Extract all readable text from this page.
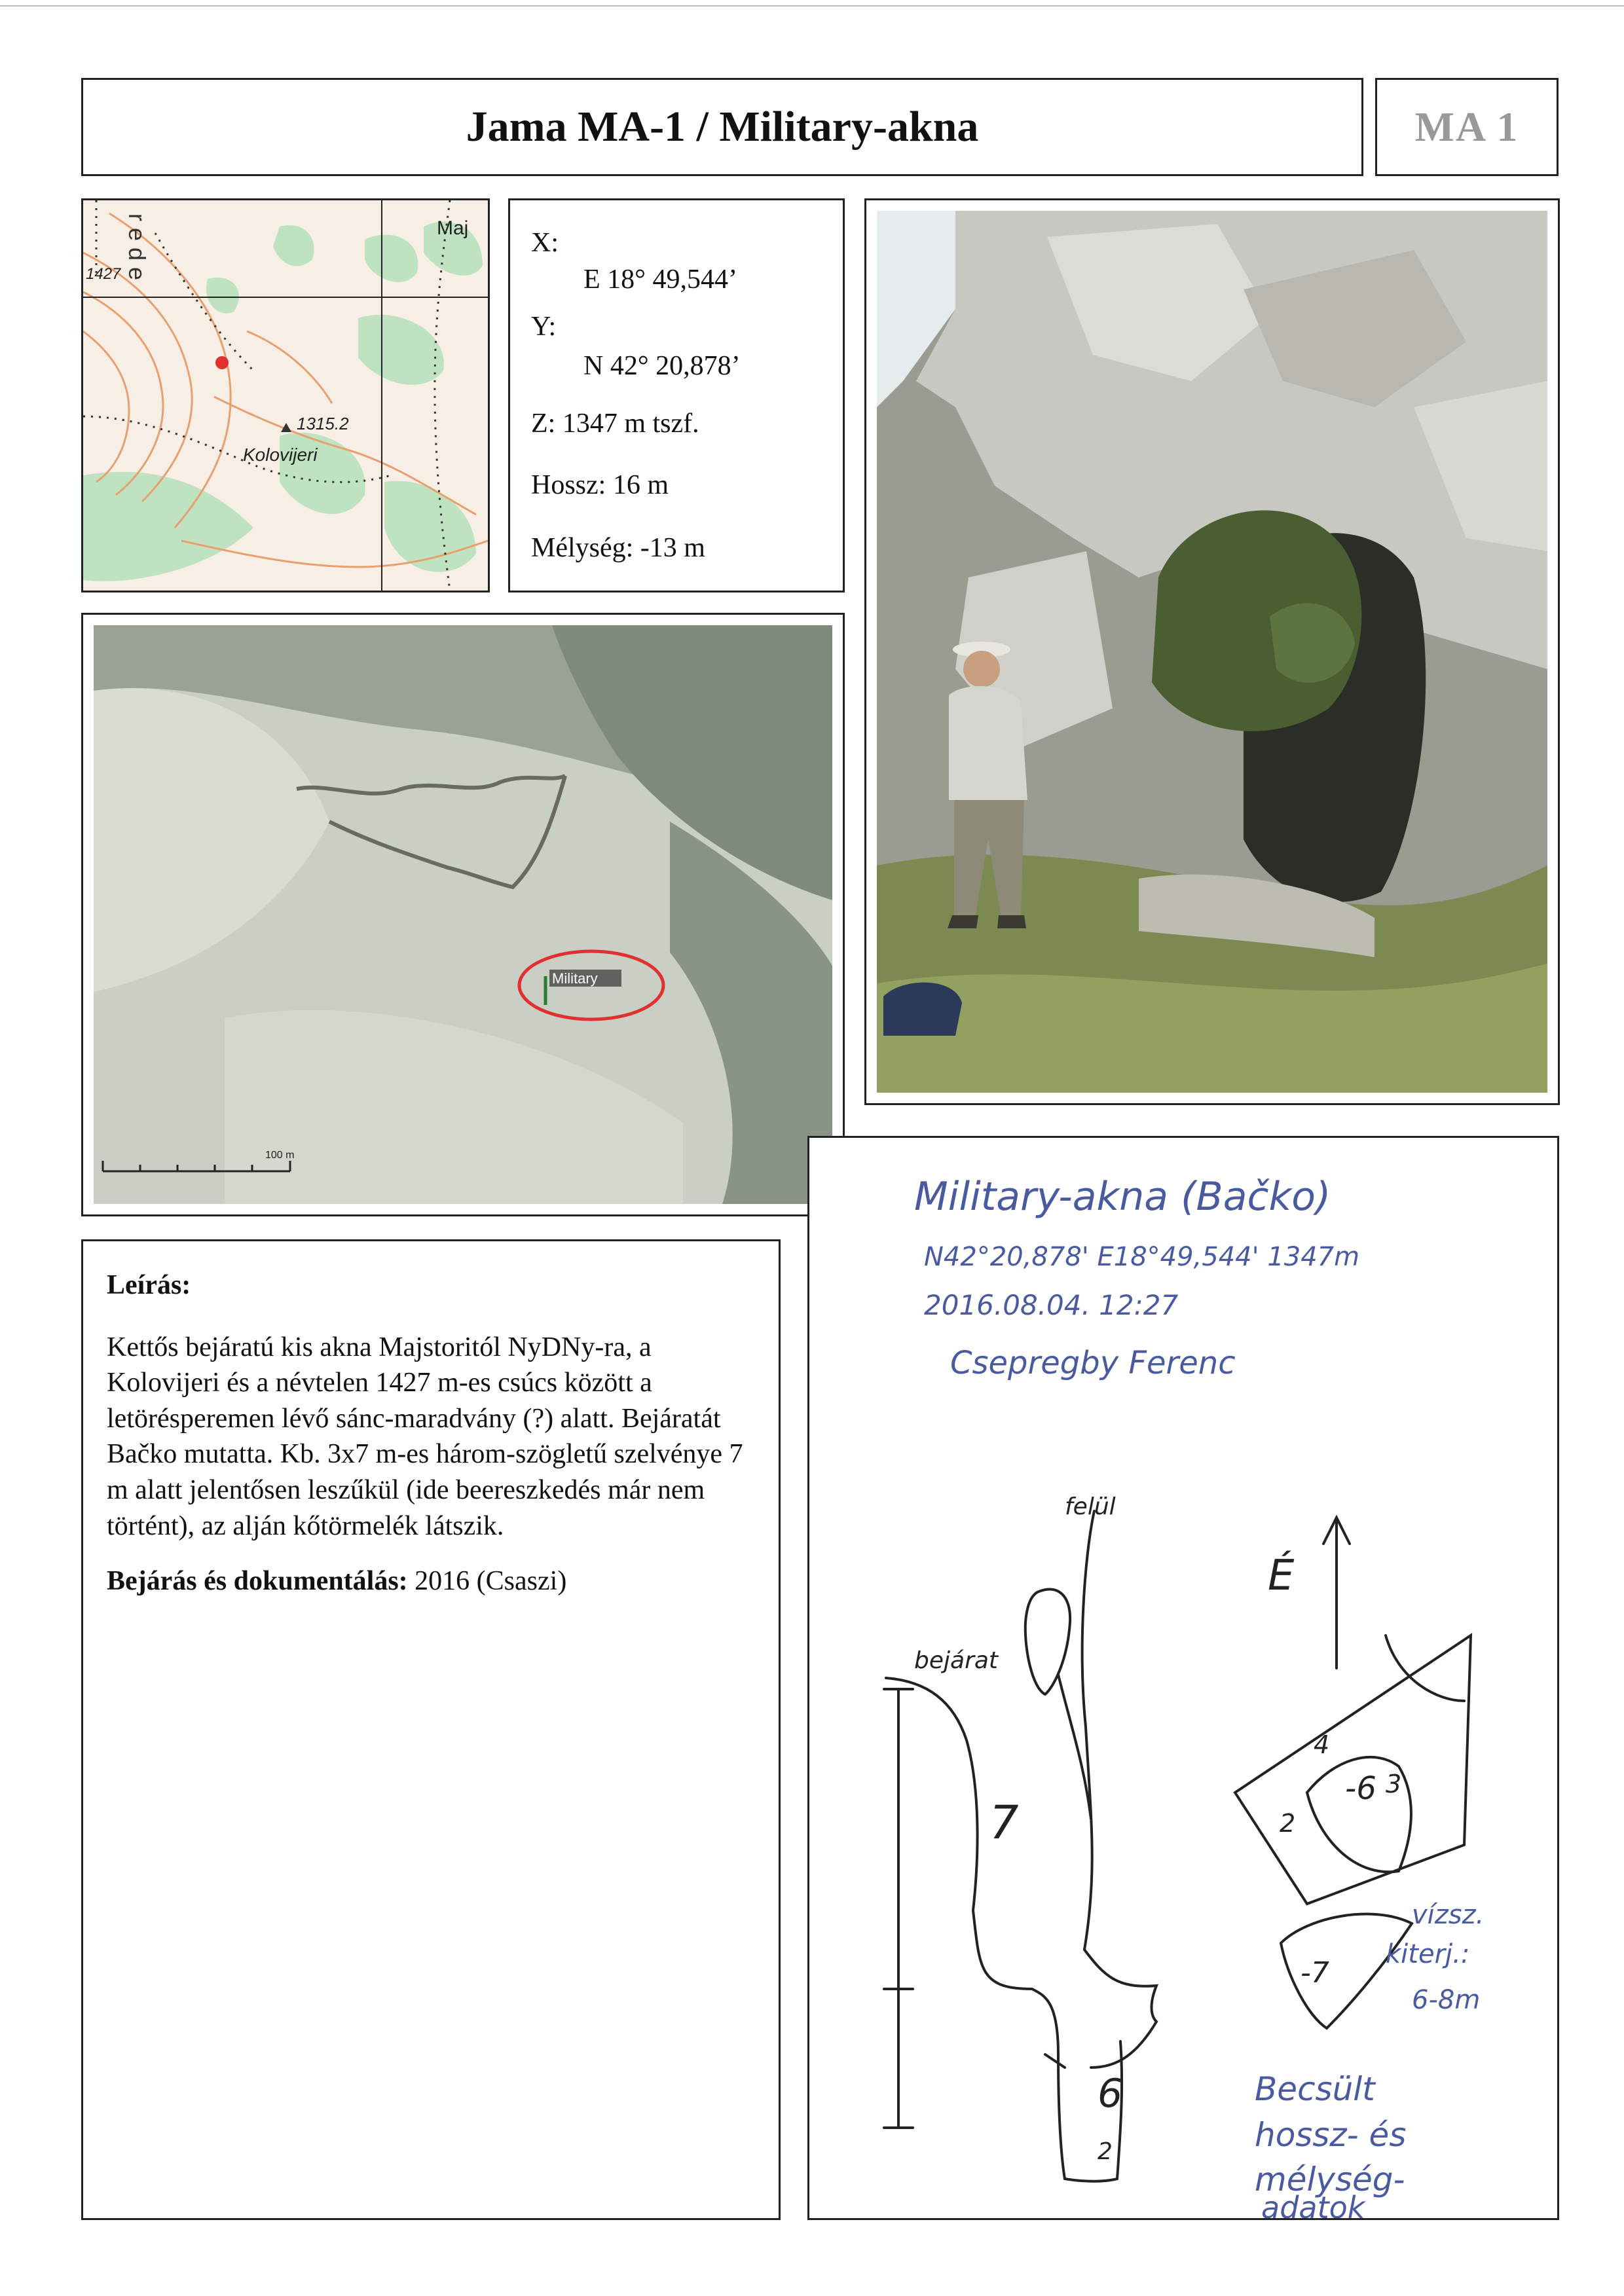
Jama MA-1 / Military-akna	MA 1
Maj
1427
1315.2
Kolovijeri
r e d e	X:
E 18° 49,544’
Y:
N 42° 20,878’
Z: 1347 m tszf.
Hossz: 16 m
Mélység: -13 m
Military
100 m
Leírás:

Kettős bejáratú kis akna Majstoritól NyDNy-ra, a Kolovijeri és a névtelen 1427 m-es csúcs között a letörésperemen lévő sánc-maradvány (?) alatt. Bejáratát Bačko mutatta. Kb. 3x7 m-es három-szögletű szelvénye 7 m alatt jelentősen leszűkül (ide beereszkedés már nem történt), az alján kőtörmelék látszik.

Bejárás és dokumentálás: 2016 (Csaszi)

Military-akna (Bačko)
N42°20,878' E18°49,544' 1347m
2016.08.04. 12:27
Csepregby Ferenc
felül
bejárat
É
7
6
2
4
-6 3
2
-7
vízsz.
kiterj.:
6-8m
Becsült
hossz- és
mélység-
adatok
